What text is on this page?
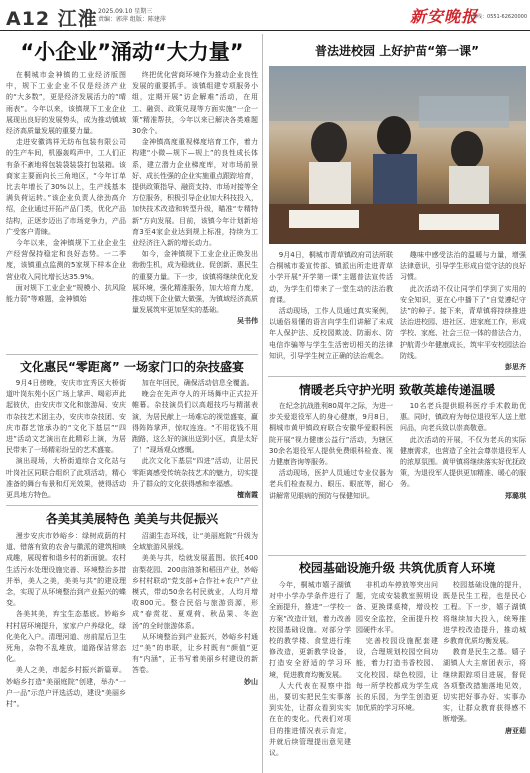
A12 江淮 2025.09.10 星期三
责编：郭萍 组版：陈建萍	新安晚报
热线：0551-62620000
“小企业”涌动“大力量”

在桐城市金神镇的工业经济版图中，规下工业企业不仅是经济产业的“大多数”，更是经济发展活力的“晴雨表”。今年以来，该镇规下工业企业展现出良好的发展势头，成为推动镇域经济高质量发展的重要力量。

走进安徽鸿祥无纺布包装有限公司的生产车间，机器轰鸣声中，工人们正有条不紊地将包装袋装袋打包装箱。该商家主要面向长三角地区，“今年订单比去年增长了30%以上，生产线基本满负荷运转。”该企业负责人徐劲高介绍，企业通过开拓产品门类，优化产品结构，正逐步迈出了市场竞争力，产品广受客户青睐。

今年以来，金神镇规下工业企业生产经营保持稳定和良好态势。一二季度，该镇重点监测的5家规下样本企业营业收入同比增长达35.9%。

面对规下工业企业“规模小、抗风险能力弱”等难题，金神镇始

终把优化营商环境作为推动企业良性发展的重要抓手。该镇组建专项服务小组，定期开展“访企解难”活动，在用工、融资、政策兑现等方面实施“一企一策”精准帮扶，今年以来已解决各类难题30余个。

金神镇高度重视梯度培育工作，着力构建“小微—规下—规上”的良性成长体系，建立潜力企业梯度库，对市场前景好、成长性强的企业实施重点跟踪培育，提供政策指导、融资支持、市场对接等全方位服务，积极引导企业加大科技投入，加快技术改造和转型升级，瞄准“专精特新”方向发展。目前，该镇今年计划新培育3至4家企业达到规上标准，持续为工业经济注入新的增长动力。

如今，金神镇规下工业企业正焕发出勃勃生机，成为稳就业、促创新、惠民生的重要力量。下一步，该镇将继续优化发展环境，强化精准服务，加大培育力度，推动规下企业做大做强，为镇域经济高质量发展筑牢更加坚实的基础。

吴书伟
文化惠民“零距离” 一场家门口的杂技盛宴

9月4日傍晚，安庆市宜秀区大桥街道叶岗东苑小区广场上掌声、喝彩声此起彼伏，由安庆市文化和旅游局、安庆市杂技艺术团主办，安庆市杂技团、安庆市群艺馆承办的“文化下基层”“四进”活动文艺演出在此精彩上演，为居民带来了一场精彩纷呈的艺术盛宴。

演出现场，大桥街道综合文化站与叶岗社区同联合组织了此项活动，精心准备的舞台布景和灯光效果，使得活动更具地方特色。

加在年回民，确保活动信息全覆盖。

晚会在先声夺人的开场舞中正式拉开帷幕。杂技演员们以高超技巧与精湛表演，为居民献上一场难忘的视觉盛宴，赢得阵阵掌声，惊叹连连。“不用花钱不用跑路，这么好的演出送到小区，真是太好了！”现场观众感慨。

此次文化下基层“四进”活动，让居民零距离感受传统杂技艺术的魅力，切实提升了群众的文化获得感和幸福感。

檀南霞
各美其美展特色 美美与共促振兴

漫步安庆市妙峪乡：绿树成荫的村道、错落有致的农舍与徽派的建筑相映成趣，展现着和谐乡村的新面貌。农村生活污水处理设施完善、环境整治多措并举，美人之美，美美与共”的建设理念，实现了从环境整治到产业振兴的蝶变。

各美其美，弃宝生态基底。妙峪乡村村居环境提升，家家户户养绿化，绿化美化入户。清理河道、房前屋后卫生死角，杂物不乱堆放，道路保洁常态化。

美人之美，串起乡村振兴新篇章。妙峪乡打造“美丽庭院”创建，举办“一户一品”示范户评选活动，建设“美丽乡村”。

沼湖生态环线，让“美丽庭院”升级为全域旅游风景线。

美美与共，绘就发展蓝图。依托400亩梨花园、200亩油茶和稻田产业，妙峪乡村村联动“党支部+合作社+农户”产业模式，带动50余名村民就业，人均月增收800元。整合民俗与旅游资源，形成“春赏花、夏观荷、秋品果、冬泡汤”的全时旅游体系。

从环境整治到产业振兴，妙峪乡村通过“美”的串联，让乡村既有“颜值”更有“内涵”，正书写着美丽乡村建设的新答卷。

妙山
普法进校园 上好护苗“第一课”

9月4日，桐城市青草镇政府司法所联合桐城市委宣传部、镇派出所走进青草小学开展“开学第一课”主题普法宣传活动，为学生们带来了一堂生动的法治教育课。

活动现场，工作人员通过真实案例，以通俗易懂的语言向学生们讲解了未成年人保护法、反校园欺凌、防溺水、防电信诈骗等与学生生活密切相关的法律知识，引导学生树立正确的法治观念。

趣味中感受法治的温暖与力量，增强法律意识，引导学生形成自觉守法的良好习惯。

此次活动不仅让同学们学到了实用的安全知识，更在心中播下了“自觉遵纪守法”的种子。接下来，青草镇将持续推进法治进校园、进社区、进家庭工作，形成学校、家庭、社会三位一体的普法合力，护航青少年健康成长，筑牢平安校园法治防线。

彭思齐
情暖老兵守护光明 致敬英雄传递温暖

在纪念抗战胜利80周年之际，为进一步关爱退役军人的身心健康，9月8日，桐城市黄甲镇政府联合安徽华爱眼科医院开展“视力健康公益行”活动，为辖区30余名退役军人提供免费眼科检查、视力健康咨询等服务。

活动现场，医护人员通过专业仪器为老兵们检查视力、眼压、眼底等，耐心讲解常见眼病的预防与保健知识。

10名老兵提供眼科医疗手术救助优惠。同时，镇政府为每位退役军人送上慰问品，向老兵致以崇高敬意。

此次活动的开展，不仅为老兵的实际健康需求，也营造了全社会尊崇退役军人的浓厚氛围。黄甲镇将继续落实好优抚政策，为退役军人提供更加精准、暖心的服务。

郑璐琪
校园基础设施升级 共筑优质育人环境

今年，桐城市嬉子湖镇对中小学办学条件进行了全面提升，推进“一学校一方案”改造计划，着力改善校园基础设施。对部分学校的教学楼、食堂进行维修改造，更新教学设备，打造安全舒适的学习环境，促进教育均衡发展。

人大代表在视察中指出，要切实把民生实事落到实处，让群众看到实实在在的变化。代表们对项目的推进情况表示肯定，并就后续管理提出意见建议。

非机动车停放等突出问题，完成安装教室照明设备、更换课桌椅，增设校园安全监控，全面提升校园硬件水平。

完善校园设施配套建设，合理规划校园空间功能，着力打造书香校园、文化校园、绿色校园，让每一所学校都成为学生成长的乐园，为学生创造更加优质的学习环境。

校园基础设施的提升，既是民生工程，也是民心工程。下一步，嬉子湖镇将继续加大投入，统筹推进学校改造提升，推动城乡教育优质均衡发展。

教育是民生之基。嬉子湖镇人大主席团表示，将继续跟踪项目进展，督促各项整改措施落地见效，切实把好事办好、实事办实，让群众教育获得感不断增强。

唐亚茹
